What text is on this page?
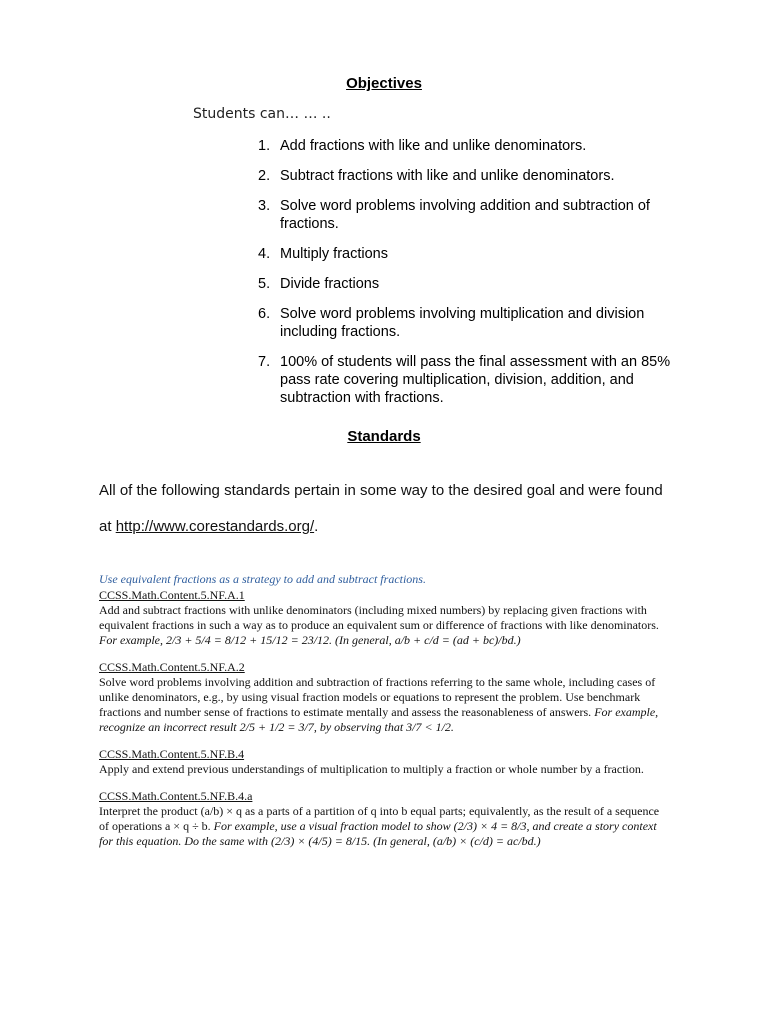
Objectives
Students can… … ..
1. Add fractions with like and unlike denominators.
2. Subtract fractions with like and unlike denominators.
3. Solve word problems involving addition and subtraction of fractions.
4. Multiply fractions
5. Divide fractions
6. Solve word problems involving multiplication and division including fractions.
7. 100% of students will pass the final assessment with an 85% pass rate covering multiplication, division, addition, and subtraction with fractions.
Standards
All of the following standards pertain in some way to the desired goal and were found
at http://www.corestandards.org/.
Use equivalent fractions as a strategy to add and subtract fractions.
CCSS.Math.Content.5.NF.A.1
Add and subtract fractions with unlike denominators (including mixed numbers) by replacing given fractions with equivalent fractions in such a way as to produce an equivalent sum or difference of fractions with like denominators. For example, 2/3 + 5/4 = 8/12 + 15/12 = 23/12. (In general, a/b + c/d = (ad + bc)/bd.)
CCSS.Math.Content.5.NF.A.2
Solve word problems involving addition and subtraction of fractions referring to the same whole, including cases of unlike denominators, e.g., by using visual fraction models or equations to represent the problem. Use benchmark fractions and number sense of fractions to estimate mentally and assess the reasonableness of answers. For example, recognize an incorrect result 2/5 + 1/2 = 3/7, by observing that 3/7 < 1/2.
CCSS.Math.Content.5.NF.B.4
Apply and extend previous understandings of multiplication to multiply a fraction or whole number by a fraction.
CCSS.Math.Content.5.NF.B.4.a
Interpret the product (a/b) × q as a parts of a partition of q into b equal parts; equivalently, as the result of a sequence of operations a × q ÷ b. For example, use a visual fraction model to show (2/3) × 4 = 8/3, and create a story context for this equation. Do the same with (2/3) × (4/5) = 8/15. (In general, (a/b) × (c/d) = ac/bd.)
